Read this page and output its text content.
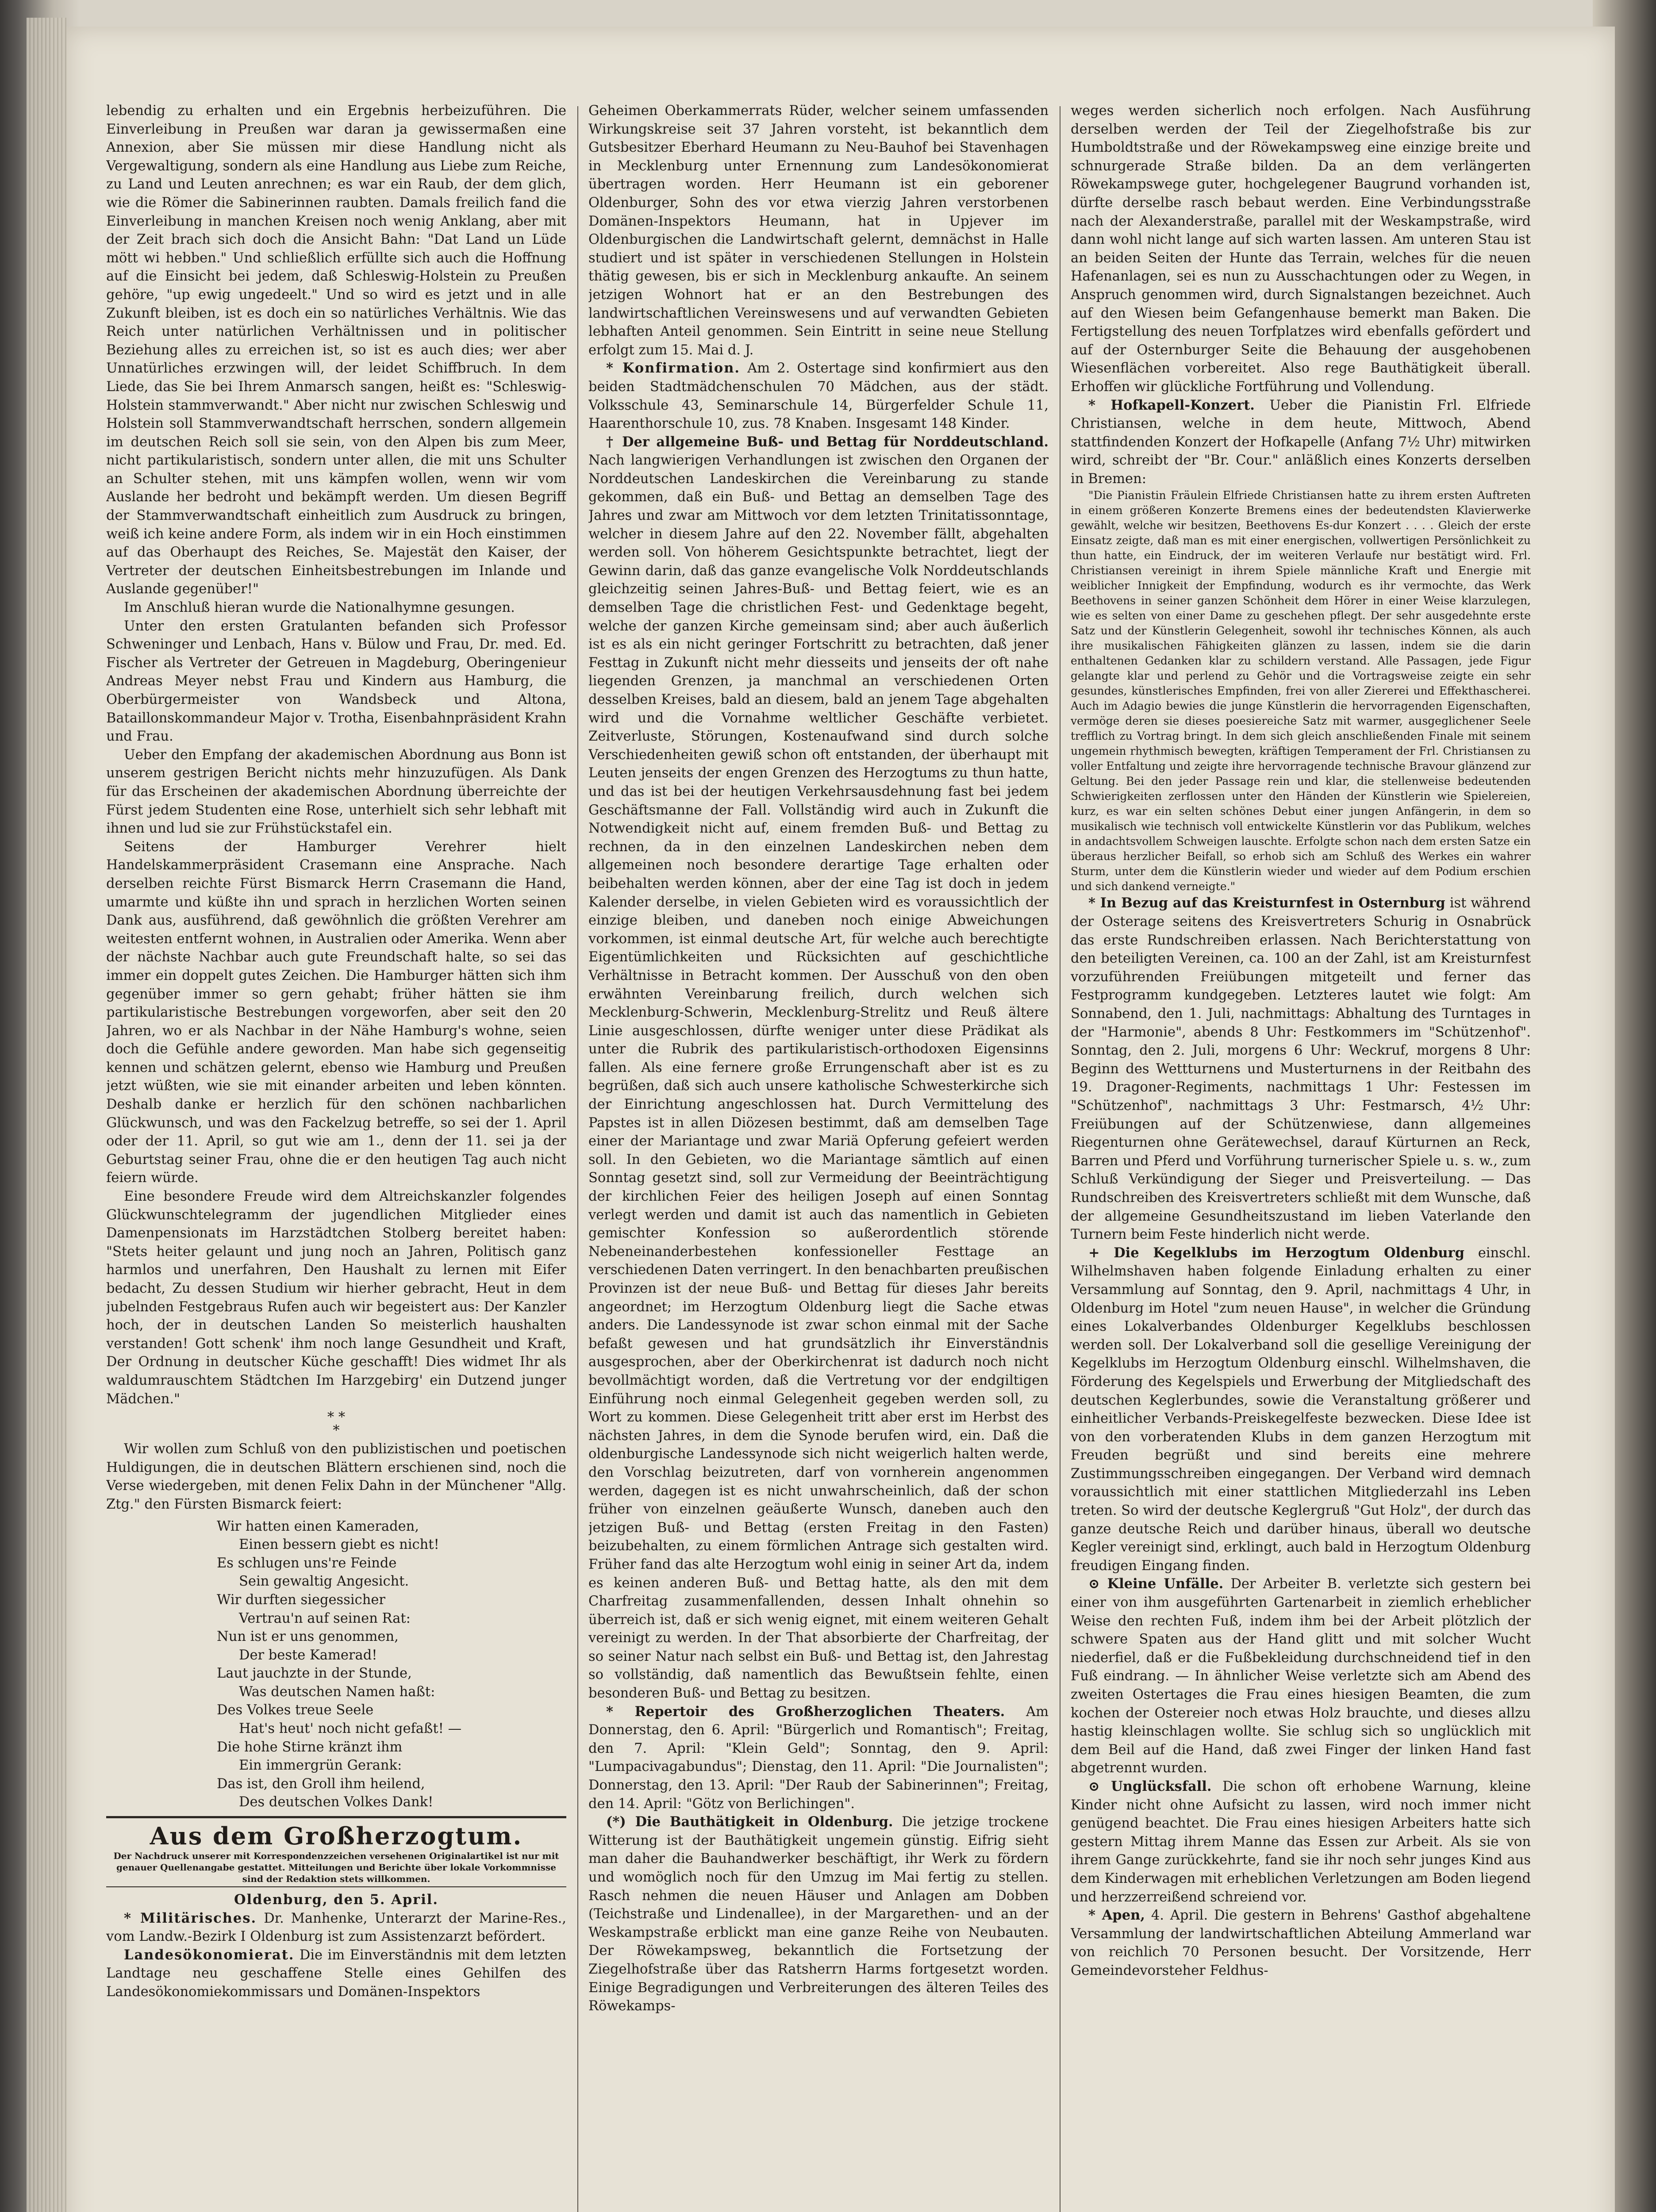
lebendig zu erhalten und ein Ergebnis herbeizuführen. Die Einverleibung in Preußen war daran ja gewissermaßen eine Annexion, aber Sie müssen mir diese Handlung nicht als Vergewaltigung, sondern als eine Handlung aus Liebe zum Reiche, zu Land und Leuten anrechnen; es war ein Raub, der dem glich, wie die Römer die Sabinerinnen raubten. Damals freilich fand die Einverleibung in manchen Kreisen noch wenig Anklang, aber mit der Zeit brach sich doch die Ansicht Bahn: "Dat Land un Lüde mött wi hebben." Und schließlich erfüllte sich auch die Hoffnung auf die Einsicht bei jedem, daß Schleswig-Holstein zu Preußen gehöre, "up ewig ungedeelt." Und so wird es jetzt und in alle Zukunft bleiben, ist es doch ein so natürliches Verhältnis. Wie das Reich unter natürlichen Verhältnissen und in politischer Beziehung alles zu erreichen ist, so ist es auch dies; wer aber Unnatürliches erzwingen will, der leidet Schiffbruch. In dem Liede, das Sie bei Ihrem Anmarsch sangen, heißt es: "Schleswig-Holstein stammverwandt." Aber nicht nur zwischen Schleswig und Holstein soll Stammverwandtschaft herrschen, sondern allgemein im deutschen Reich soll sie sein, von den Alpen bis zum Meer, nicht partikularistisch, sondern unter allen, die mit uns Schulter an Schulter stehen, mit uns kämpfen wollen, wenn wir vom Auslande her bedroht und bekämpft werden. Um diesen Begriff der Stammverwandtschaft einheitlich zum Ausdruck zu bringen, weiß ich keine andere Form, als indem wir in ein Hoch einstimmen auf das Oberhaupt des Reiches, Se. Majestät den Kaiser, der Vertreter der deutschen Einheitsbestrebungen im Inlande und Auslande gegenüber!"

Im Anschluß hieran wurde die Nationalhymne gesungen.

Unter den ersten Gratulanten befanden sich Professor Schweninger und Lenbach, Hans v. Bülow und Frau, Dr. med. Ed. Fischer als Vertreter der Getreuen in Magdeburg, Oberingenieur Andreas Meyer nebst Frau und Kindern aus Hamburg, die Oberbürgermeister von Wandsbeck und Altona, Bataillonskommandeur Major v. Trotha, Eisenbahnpräsident Krahn und Frau.

Ueber den Empfang der akademischen Abordnung aus Bonn ist unserem gestrigen Bericht nichts mehr hinzuzufügen. Als Dank für das Erscheinen der akademischen Abordnung überreichte der Fürst jedem Studenten eine Rose, unterhielt sich sehr lebhaft mit ihnen und lud sie zur Frühstückstafel ein.

Seitens der Hamburger Verehrer hielt Handelskammerpräsident Crasemann eine Ansprache. Nach derselben reichte Fürst Bismarck Herrn Crasemann die Hand, umarmte und küßte ihn und sprach in herzlichen Worten seinen Dank aus, ausführend, daß gewöhnlich die größten Verehrer am weitesten entfernt wohnen, in Australien oder Amerika. Wenn aber der nächste Nachbar auch gute Freundschaft halte, so sei das immer ein doppelt gutes Zeichen. Die Hamburger hätten sich ihm gegenüber immer so gern gehabt; früher hätten sie ihm partikularistische Bestrebungen vorgeworfen, aber seit den 20 Jahren, wo er als Nachbar in der Nähe Hamburg's wohne, seien doch die Gefühle andere geworden. Man habe sich gegenseitig kennen und schätzen gelernt, ebenso wie Hamburg und Preußen jetzt wüßten, wie sie mit einander arbeiten und leben könnten. Deshalb danke er herzlich für den schönen nachbarlichen Glückwunsch, und was den Fackelzug betreffe, so sei der 1. April oder der 11. April, so gut wie am 1., denn der 11. sei ja der Geburtstag seiner Frau, ohne die er den heutigen Tag auch nicht feiern würde.

Eine besondere Freude wird dem Altreichskanzler folgendes Glückwunschtelegramm der jugendlichen Mitglieder eines Damenpensionats im Harzstädtchen Stolberg bereitet haben: "Stets heiter gelaunt und jung noch an Jahren, Politisch ganz harmlos und unerfahren, Den Haushalt zu lernen mit Eifer bedacht, Zu dessen Studium wir hierher gebracht, Heut in dem jubelnden Festgebraus Rufen auch wir begeistert aus: Der Kanzler hoch, der in deutschen Landen So meisterlich haushalten verstanden! Gott schenk' ihm noch lange Gesundheit und Kraft, Der Ordnung in deutscher Küche geschafft! Dies widmet Ihr als waldumrauschtem Städtchen Im Harzgebirg' ein Dutzend junger Mädchen."

* *
*

Wir wollen zum Schluß von den publizistischen und poetischen Huldigungen, die in deutschen Blättern erschienen sind, noch die Verse wiedergeben, mit denen Felix Dahn in der Münchener "Allg. Ztg." den Fürsten Bismarck feiert:

Wir hatten einen Kameraden,
Einen bessern giebt es nicht!
Es schlugen uns're Feinde
Sein gewaltig Angesicht.
Wir durften siegessicher
Vertrau'n auf seinen Rat:
Nun ist er uns genommen,
Der beste Kamerad!
Laut jauchzte in der Stunde,
Was deutschen Namen haßt:
Des Volkes treue Seele
Hat's heut' noch nicht gefaßt! —
Die hohe Stirne kränzt ihm
Ein immergrün Gerank:
Das ist, den Groll ihm heilend,
Des deutschen Volkes Dank!
Aus dem Großherzogtum.
Der Nachdruck unserer mit Korrespondenzzeichen versehenen Originalartikel ist nur mit genauer Quellenangabe gestattet. Mitteilungen und Berichte über lokale Vorkommnisse sind der Redaktion stets willkommen.
Oldenburg, den 5. April.

* Militärisches. Dr. Manhenke, Unterarzt der Marine-Res., vom Landw.-Bezirk I Oldenburg ist zum Assistenzarzt befördert.

Landesökonomierat. Die im Einverständnis mit dem letzten Landtage neu geschaffene Stelle eines Gehilfen des Landesökonomiekommissars und Domänen-Inspektors

Geheimen Oberkammerrats Rüder, welcher seinem umfassenden Wirkungskreise seit 37 Jahren vorsteht, ist bekanntlich dem Gutsbesitzer Eberhard Heumann zu Neu-Bauhof bei Stavenhagen in Mecklenburg unter Ernennung zum Landesökonomierat übertragen worden. Herr Heumann ist ein geborener Oldenburger, Sohn des vor etwa vierzig Jahren verstorbenen Domänen-Inspektors Heumann, hat in Upjever im Oldenburgischen die Landwirtschaft gelernt, demnächst in Halle studiert und ist später in verschiedenen Stellungen in Holstein thätig gewesen, bis er sich in Mecklenburg ankaufte. An seinem jetzigen Wohnort hat er an den Bestrebungen des landwirtschaftlichen Vereinswesens und auf verwandten Gebieten lebhaften Anteil genommen. Sein Eintritt in seine neue Stellung erfolgt zum 15. Mai d. J.

* Konfirmation. Am 2. Ostertage sind konfirmiert aus den beiden Stadtmädchenschulen 70 Mädchen, aus der städt. Volksschule 43, Seminarschule 14, Bürgerfelder Schule 11, Haarenthorschule 10, zus. 78 Knaben. Insgesamt 148 Kinder.

† Der allgemeine Buß- und Bettag für Norddeutschland. Nach langwierigen Verhandlungen ist zwischen den Organen der Norddeutschen Landeskirchen die Vereinbarung zu stande gekommen, daß ein Buß- und Bettag an demselben Tage des Jahres und zwar am Mittwoch vor dem letzten Trinitatissonntage, welcher in diesem Jahre auf den 22. November fällt, abgehalten werden soll. Von höherem Gesichtspunkte betrachtet, liegt der Gewinn darin, daß das ganze evangelische Volk Norddeutschlands gleichzeitig seinen Jahres-Buß- und Bettag feiert, wie es an demselben Tage die christlichen Fest- und Gedenktage begeht, welche der ganzen Kirche gemeinsam sind; aber auch äußerlich ist es als ein nicht geringer Fortschritt zu betrachten, daß jener Festtag in Zukunft nicht mehr diesseits und jenseits der oft nahe liegenden Grenzen, ja manchmal an verschiedenen Orten desselben Kreises, bald an diesem, bald an jenem Tage abgehalten wird und die Vornahme weltlicher Geschäfte verbietet. Zeitverluste, Störungen, Kostenaufwand sind durch solche Verschiedenheiten gewiß schon oft entstanden, der überhaupt mit Leuten jenseits der engen Grenzen des Herzogtums zu thun hatte, und das ist bei der heutigen Verkehrsausdehnung fast bei jedem Geschäftsmanne der Fall. Vollständig wird auch in Zukunft die Notwendigkeit nicht auf, einem fremden Buß- und Bettag zu rechnen, da in den einzelnen Landeskirchen neben dem allgemeinen noch besondere derartige Tage erhalten oder beibehalten werden können, aber der eine Tag ist doch in jedem Kalender derselbe, in vielen Gebieten wird es voraussichtlich der einzige bleiben, und daneben noch einige Abweichungen vorkommen, ist einmal deutsche Art, für welche auch berechtigte Eigentümlichkeiten und Rücksichten auf geschichtliche Verhältnisse in Betracht kommen. Der Ausschuß von den oben erwähnten Vereinbarung freilich, durch welchen sich Mecklenburg-Schwerin, Mecklenburg-Strelitz und Reuß ältere Linie ausgeschlossen, dürfte weniger unter diese Prädikat als unter die Rubrik des partikularistisch-orthodoxen Eigensinns fallen. Als eine fernere große Errungenschaft aber ist es zu begrüßen, daß sich auch unsere katholische Schwesterkirche sich der Einrichtung angeschlossen hat. Durch Vermittelung des Papstes ist in allen Diözesen bestimmt, daß am demselben Tage einer der Mariantage und zwar Mariä Opferung gefeiert werden soll. In den Gebieten, wo die Mariantage sämtlich auf einen Sonntag gesetzt sind, soll zur Vermeidung der Beeinträchtigung der kirchlichen Feier des heiligen Joseph auf einen Sonntag verlegt werden und damit ist auch das namentlich in Gebieten gemischter Konfession so außerordentlich störende Nebeneinanderbestehen konfessioneller Festtage an verschiedenen Daten verringert. In den benachbarten preußischen Provinzen ist der neue Buß- und Bettag für dieses Jahr bereits angeordnet; im Herzogtum Oldenburg liegt die Sache etwas anders. Die Landessynode ist zwar schon einmal mit der Sache befaßt gewesen und hat grundsätzlich ihr Einverständnis ausgesprochen, aber der Oberkirchenrat ist dadurch noch nicht bevollmächtigt worden, daß die Vertretung vor der endgiltigen Einführung noch einmal Gelegenheit gegeben werden soll, zu Wort zu kommen. Diese Gelegenheit tritt aber erst im Herbst des nächsten Jahres, in dem die Synode berufen wird, ein. Daß die oldenburgische Landessynode sich nicht weigerlich halten werde, den Vorschlag beizutreten, darf von vornherein angenommen werden, dagegen ist es nicht unwahrscheinlich, daß der schon früher von einzelnen geäußerte Wunsch, daneben auch den jetzigen Buß- und Bettag (ersten Freitag in den Fasten) beizubehalten, zu einem förmlichen Antrage sich gestalten wird. Früher fand das alte Herzogtum wohl einig in seiner Art da, indem es keinen anderen Buß- und Bettag hatte, als den mit dem Charfreitag zusammenfallenden, dessen Inhalt ohnehin so überreich ist, daß er sich wenig eignet, mit einem weiteren Gehalt vereinigt zu werden. In der That absorbierte der Charfreitag, der so seiner Natur nach selbst ein Buß- und Bettag ist, den Jahrestag so vollständig, daß namentlich das Bewußtsein fehlte, einen besonderen Buß- und Bettag zu besitzen.

* Repertoir des Großherzoglichen Theaters. Am Donnerstag, den 6. April: "Bürgerlich und Romantisch"; Freitag, den 7. April: "Klein Geld"; Sonntag, den 9. April: "Lumpacivagabundus"; Dienstag, den 11. April: "Die Journalisten"; Donnerstag, den 13. April: "Der Raub der Sabinerinnen"; Freitag, den 14. April: "Götz von Berlichingen".

(*) Die Bauthätigkeit in Oldenburg. Die jetzige trockene Witterung ist der Bauthätigkeit ungemein günstig. Eifrig sieht man daher die Bauhandwerker beschäftigt, ihr Werk zu fördern und womöglich noch für den Umzug im Mai fertig zu stellen. Rasch nehmen die neuen Häuser und Anlagen am Dobben (Teichstraße und Lindenallee), in der Margarethen- und an der Weskampstraße erblickt man eine ganze Reihe von Neubauten. Der Röwekampsweg, bekanntlich die Fortsetzung der Ziegelhofstraße über das Ratsherrn Harms fortgesetzt worden. Einige Begradigungen und Verbreiterungen des älteren Teiles des Röwekamps-

weges werden sicherlich noch erfolgen. Nach Ausführung derselben werden der Teil der Ziegelhofstraße bis zur Humboldtstraße und der Röwekampsweg eine einzige breite und schnurgerade Straße bilden. Da an dem verlängerten Röwekampswege guter, hochgelegener Baugrund vorhanden ist, dürfte derselbe rasch bebaut werden. Eine Verbindungsstraße nach der Alexanderstraße, parallel mit der Weskampstraße, wird dann wohl nicht lange auf sich warten lassen. Am unteren Stau ist an beiden Seiten der Hunte das Terrain, welches für die neuen Hafenanlagen, sei es nun zu Ausschachtungen oder zu Wegen, in Anspruch genommen wird, durch Signalstangen bezeichnet. Auch auf den Wiesen beim Gefangenhause bemerkt man Baken. Die Fertigstellung des neuen Torfplatzes wird ebenfalls gefördert und auf der Osternburger Seite die Behauung der ausgehobenen Wiesenflächen vorbereitet. Also rege Bauthätigkeit überall. Erhoffen wir glückliche Fortführung und Vollendung.

* Hofkapell-Konzert. Ueber die Pianistin Frl. Elfriede Christiansen, welche in dem heute, Mittwoch, Abend stattfindenden Konzert der Hofkapelle (Anfang 7½ Uhr) mitwirken wird, schreibt der "Br. Cour." anläßlich eines Konzerts derselben in Bremen:

"Die Pianistin Fräulein Elfriede Christiansen hatte zu ihrem ersten Auftreten in einem größeren Konzerte Bremens eines der bedeutendsten Klavierwerke gewählt, welche wir besitzen, Beethovens Es-dur Konzert . . . . Gleich der erste Einsatz zeigte, daß man es mit einer energischen, vollwertigen Persönlichkeit zu thun hatte, ein Eindruck, der im weiteren Verlaufe nur bestätigt wird. Frl. Christiansen vereinigt in ihrem Spiele männliche Kraft und Energie mit weiblicher Innigkeit der Empfindung, wodurch es ihr vermochte, das Werk Beethovens in seiner ganzen Schönheit dem Hörer in einer Weise klarzulegen, wie es selten von einer Dame zu geschehen pflegt. Der sehr ausgedehnte erste Satz und der Künstlerin Gelegenheit, sowohl ihr technisches Können, als auch ihre musikalischen Fähigkeiten glänzen zu lassen, indem sie die darin enthaltenen Gedanken klar zu schildern verstand. Alle Passagen, jede Figur gelangte klar und perlend zu Gehör und die Vortragsweise zeigte ein sehr gesundes, künstlerisches Empfinden, frei von aller Ziererei und Effekthascherei. Auch im Adagio bewies die junge Künstlerin die hervorragenden Eigenschaften, vermöge deren sie dieses poesiereiche Satz mit warmer, ausgeglichener Seele trefflich zu Vortrag bringt. In dem sich gleich anschließenden Finale mit seinem ungemein rhythmisch bewegten, kräftigen Temperament der Frl. Christiansen zu voller Entfaltung und zeigte ihre hervorragende technische Bravour glänzend zur Geltung. Bei den jeder Passage rein und klar, die stellenweise bedeutenden Schwierigkeiten zerflossen unter den Händen der Künstlerin wie Spielereien, kurz, es war ein selten schönes Debut einer jungen Anfängerin, in dem so musikalisch wie technisch voll entwickelte Künstlerin vor das Publikum, welches in andachtsvollem Schweigen lauschte. Erfolgte schon nach dem ersten Satze ein überaus herzlicher Beifall, so erhob sich am Schluß des Werkes ein wahrer Sturm, unter dem die Künstlerin wieder und wieder auf dem Podium erschien und sich dankend verneigte."

* In Bezug auf das Kreisturnfest in Osternburg ist während der Osterage seitens des Kreisvertreters Schurig in Osnabrück das erste Rundschreiben erlassen. Nach Berichterstattung von den beteiligten Vereinen, ca. 100 an der Zahl, ist am Kreisturnfest vorzuführenden Freiübungen mitgeteilt und ferner das Festprogramm kundgegeben. Letzteres lautet wie folgt: Am Sonnabend, den 1. Juli, nachmittags: Abhaltung des Turntages in der "Harmonie", abends 8 Uhr: Festkommers im "Schützenhof". Sonntag, den 2. Juli, morgens 6 Uhr: Weckruf, morgens 8 Uhr: Beginn des Wettturnens und Musterturnens in der Reitbahn des 19. Dragoner-Regiments, nachmittags 1 Uhr: Festessen im "Schützenhof", nachmittags 3 Uhr: Festmarsch, 4½ Uhr: Freiübungen auf der Schützenwiese, dann allgemeines Riegenturnen ohne Gerätewechsel, darauf Kürturnen an Reck, Barren und Pferd und Vorführung turnerischer Spiele u. s. w., zum Schluß Verkündigung der Sieger und Preisverteilung. — Das Rundschreiben des Kreisvertreters schließt mit dem Wunsche, daß der allgemeine Gesundheitszustand im lieben Vaterlande den Turnern beim Feste hinderlich nicht werde.

+ Die Kegelklubs im Herzogtum Oldenburg einschl. Wilhelmshaven haben folgende Einladung erhalten zu einer Versammlung auf Sonntag, den 9. April, nachmittags 4 Uhr, in Oldenburg im Hotel "zum neuen Hause", in welcher die Gründung eines Lokalverbandes Oldenburger Kegelklubs beschlossen werden soll. Der Lokalverband soll die gesellige Vereinigung der Kegelklubs im Herzogtum Oldenburg einschl. Wilhelmshaven, die Förderung des Kegelspiels und Erwerbung der Mitgliedschaft des deutschen Keglerbundes, sowie die Veranstaltung größerer und einheitlicher Verbands-Preiskegelfeste bezwecken. Diese Idee ist von den vorberatenden Klubs in dem ganzen Herzogtum mit Freuden begrüßt und sind bereits eine mehrere Zustimmungsschreiben eingegangen. Der Verband wird demnach voraussichtlich mit einer stattlichen Mitgliederzahl ins Leben treten. So wird der deutsche Keglergruß "Gut Holz", der durch das ganze deutsche Reich und darüber hinaus, überall wo deutsche Kegler vereinigt sind, erklingt, auch bald in Herzogtum Oldenburg freudigen Eingang finden.

⊙ Kleine Unfälle. Der Arbeiter B. verletzte sich gestern bei einer von ihm ausgeführten Gartenarbeit in ziemlich erheblicher Weise den rechten Fuß, indem ihm bei der Arbeit plötzlich der schwere Spaten aus der Hand glitt und mit solcher Wucht niederfiel, daß er die Fußbekleidung durchschneidend tief in den Fuß eindrang. — In ähnlicher Weise verletzte sich am Abend des zweiten Ostertages die Frau eines hiesigen Beamten, die zum kochen der Ostereier noch etwas Holz brauchte, und dieses allzu hastig kleinschlagen wollte. Sie schlug sich so unglücklich mit dem Beil auf die Hand, daß zwei Finger der linken Hand fast abgetrennt wurden.

⊙ Unglücksfall. Die schon oft erhobene Warnung, kleine Kinder nicht ohne Aufsicht zu lassen, wird noch immer nicht genügend beachtet. Die Frau eines hiesigen Arbeiters hatte sich gestern Mittag ihrem Manne das Essen zur Arbeit. Als sie von ihrem Gange zurückkehrte, fand sie ihr noch sehr junges Kind aus dem Kinderwagen mit erheblichen Verletzungen am Boden liegend und herzzerreißend schreiend vor.

* Apen, 4. April. Die gestern in Behrens' Gasthof abgehaltene Versammlung der landwirtschaftlichen Abteilung Ammerland war von reichlich 70 Personen besucht. Der Vorsitzende, Herr Gemeindevorsteher Feldhus-
